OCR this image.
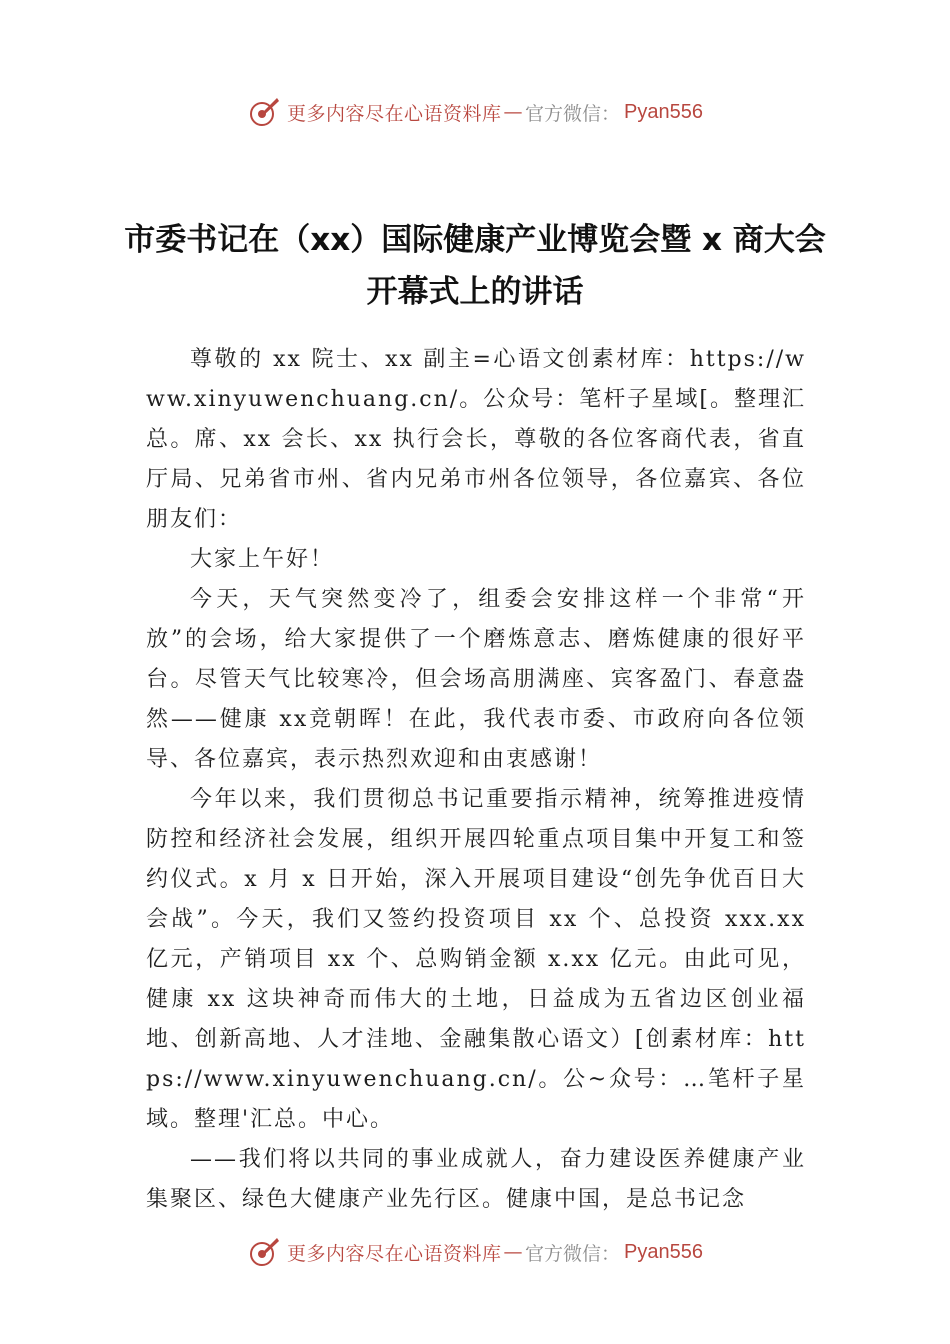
更多内容尽在心语资料库 — 官方微信： Pyan556
市委书记在（xx）国际健康产业博览会暨 x 商大会开幕式上的讲话

尊敬的 xx 院士、xx 副主=心语文创素材库：https://www.xinyuwenchuang.cn/。公众号：笔杆子星域[。整理汇总。席、xx 会长、xx 执行会长，尊敬的各位客商代表，省直厅局、兄弟省市州、省内兄弟市州各位领导，各位嘉宾、各位朋友们：

大家上午好！

今天，天气突然变冷了，组委会安排这样一个非常“开放”的会场，给大家提供了一个磨炼意志、磨炼健康的很好平台。尽管天气比较寒冷，但会场高朋满座、宾客盈门、春意盎然——健康 xx竞朝晖！在此，我代表市委、市政府向各位领导、各位嘉宾，表示热烈欢迎和由衷感谢！

今年以来，我们贯彻总书记重要指示精神，统筹推进疫情防控和经济社会发展，组织开展四轮重点项目集中开复工和签约仪式。x 月 x 日开始，深入开展项目建设“创先争优百日大会战”。今天，我们又签约投资项目 xx 个、总投资 xxx.xx 亿元，产销项目 xx 个、总购销金额 x.xx 亿元。由此可见，健康 xx 这块神奇而伟大的土地，日益成为五省边区创业福地、创新高地、人才洼地、金融集散心语文）[创素材库：https://www.xinyuwenchuang.cn/。公~众号：…笔杆子星域。整理'汇总。中心。

——我们将以共同的事业成就人，奋力建设医养健康产业集聚区、绿色大健康产业先行区。健康中国，是总书记念

更多内容尽在心语资料库 — 官方微信： Pyan556
